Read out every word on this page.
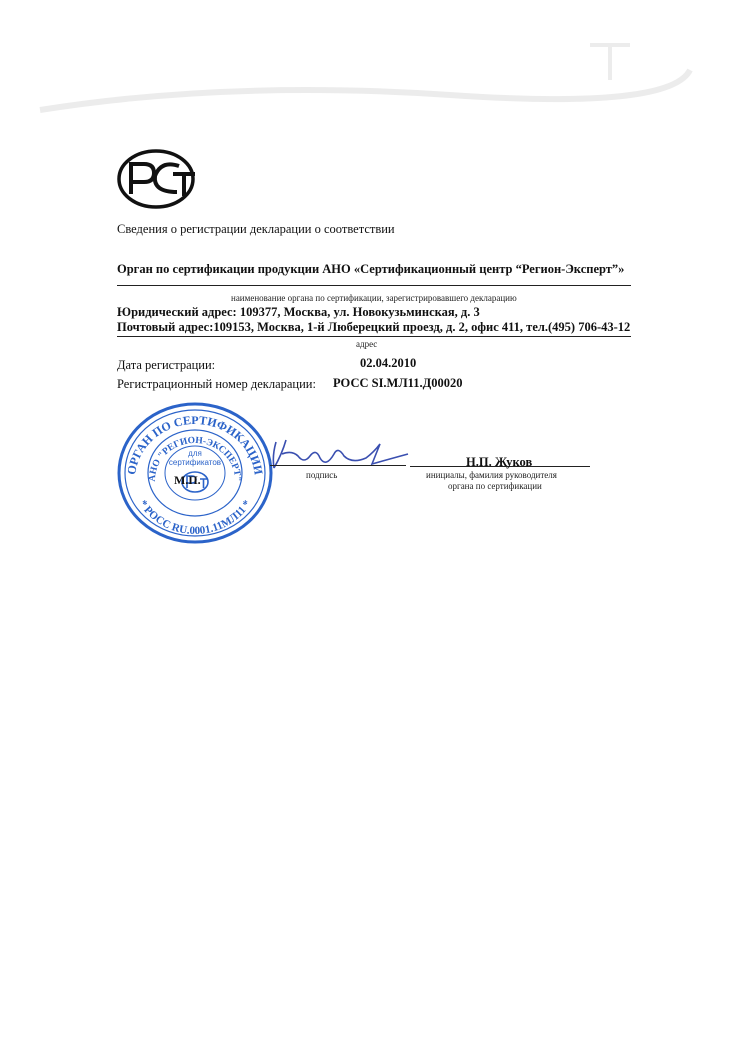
Сведения о регистрации декларации о соответствии
Орган по сертификации продукции АНО «Сертификационный центр “Регион-Эксперт”»
наименование органа по сертификации, зарегистрировавшего декларацию
Юридический адрес: 109377, Москва, ул. Новокузьминская, д. 3
Почтовый адрес:109153, Москва, 1-й Люберецкий проезд, д. 2, офис 411, тел.(495) 706-43-12
адрес
Дата регистрации:	02.04.2010
Регистрационный номер декларации: РОСС SI.МЛ11.Д00020
ОРГАН ПО СЕРТИФИКАЦИИ
АНО "РЕГИОН-ЭКСПЕРТ"
* РОСС RU.0001.11МЛ11 *
для
сертификатов
М.П.	подпись
Н.П. Жуков
инициалы, фамилия руководителя
органа по сертификации
